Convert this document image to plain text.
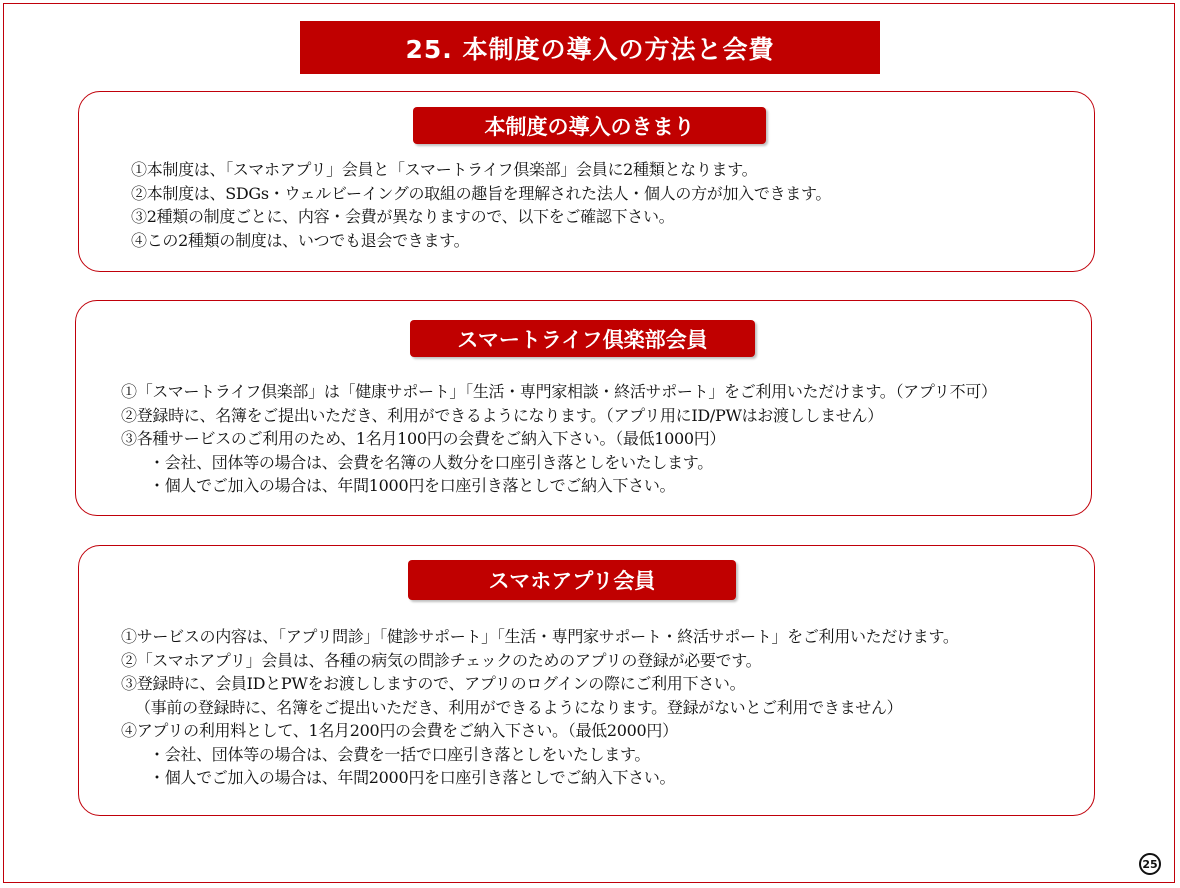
25. 本制度の導入の方法と会費
本制度の導入のきまり
①本制度は、「スマホアプリ」会員と「スマートライフ倶楽部」会員に2種類となります。
②本制度は、SDGs・ウェルビーイングの取組の趣旨を理解された法人・個人の方が加入できます。
③2種類の制度ごとに、内容・会費が異なりますので、以下をご確認下さい。
④この2種類の制度は、いつでも退会できます。
スマートライフ倶楽部会員
①「スマートライフ倶楽部」は「健康サポート」「生活・専門家相談・終活サポート」をご利用いただけます。（アプリ不可）
②登録時に、名簿をご提出いただき、利用ができるようになります。（アプリ用にID/PWはお渡ししません）
③各種サービスのご利用のため、1名月100円の会費をご納入下さい。（最低1000円）
・会社、団体等の場合は、会費を名簿の人数分を口座引き落としをいたします。
・個人でご加入の場合は、年間1000円を口座引き落としでご納入下さい。
スマホアプリ会員
①サービスの内容は、「アプリ問診」「健診サポート」「生活・専門家サポート・終活サポート」をご利用いただけます。
②「スマホアプリ」会員は、各種の病気の問診チェックのためのアプリの登録が必要です。
③登録時に、会員IDとPWをお渡ししますので、アプリのログインの際にご利用下さい。
（事前の登録時に、名簿をご提出いただき、利用ができるようになります。登録がないとご利用できません）
④アプリの利用料として、1名月200円の会費をご納入下さい。（最低2000円）
・会社、団体等の場合は、会費を一括で口座引き落としをいたします。
・個人でご加入の場合は、年間2000円を口座引き落としでご納入下さい。
25
